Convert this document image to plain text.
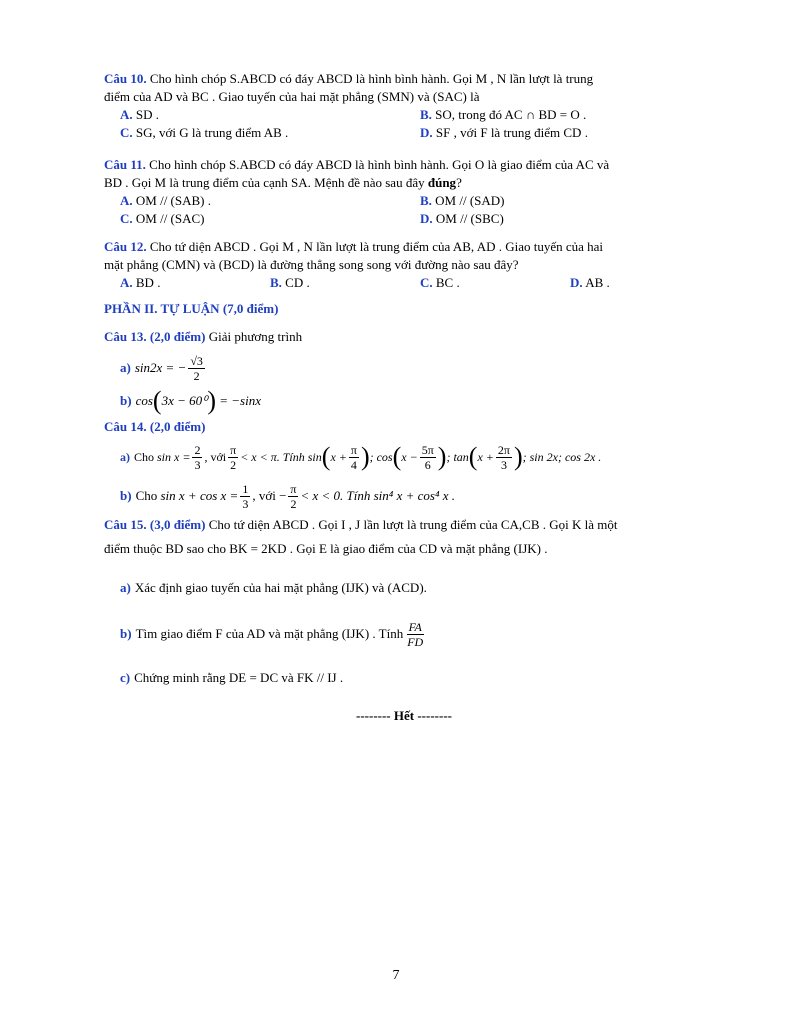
Câu 10. Cho hình chóp S.ABCD có đáy ABCD là hình bình hành. Gọi M , N lần lượt là trung

điểm của AD và BC . Giao tuyến của hai mặt phẳng (SMN) và (SAC) là

A. SD .	B. SO, trong đó AC ∩ BD = O .
C. SG, với G là trung điểm AB .	D. SF , với F là trung điểm CD .

Câu 11. Cho hình chóp S.ABCD có đáy ABCD là hình bình hành. Gọi O là giao điểm của AC và

BD . Gọi M là trung điểm của cạnh SA. Mệnh đề nào sau đây đúng?

A. OM // (SAB) .	B. OM // (SAD)
C. OM // (SAC)	D. OM // (SBC)

Câu 12. Cho tứ diện ABCD . Gọi M , N lần lượt là trung điểm của AB, AD . Giao tuyến của hai

mặt phẳng (CMN) và (BCD) là đường thẳng song song với đường nào sau đây?

A. BD .	B. CD .	C. BC .	D. AB .

PHẦN II. TỰ LUẬN (7,0 điểm)

Câu 13. (2,0 điểm) Giải phương trình

a) sin2x = − $\frac{√3}{2}$
b) cos ( 3x − 60⁰ )
= −sinx

Câu 14. (2,0 điểm)

a) Cho
$\sin x = \frac{2}{3}$ , với $\frac{\pi}{2} < x < \pi$. Tính
sin ( $x + \frac{\pi}{4}$ ) ; cos ( $x - \frac{5\pi}{6}$ ) ; tan ( $x + \frac{2\pi}{3}$ ) ; sin 2x; cos 2x .
b) Cho
$\sin x + \cos x = \frac{1}{3}$ , với − $\frac{\pi}{2} < x < 0$. Tính sin⁴ x + cos⁴ x .

Câu 15. (3,0 điểm) Cho tứ diện ABCD . Gọi I , J lần lượt là trung điểm của CA,CB . Gọi K là một

điểm thuộc BD sao cho BK = 2KD . Gọi E là giao điểm của CD và mặt phẳng (IJK) .

a) Xác định giao tuyến của hai mặt phẳng (IJK) và (ACD).
b) Tìm giao điểm F của AD và mặt phẳng (IJK) . Tính $\frac{FA}{FD}$
c) Chứng minh rằng DE = DC và FK // IJ .
-------- Hết --------
7
